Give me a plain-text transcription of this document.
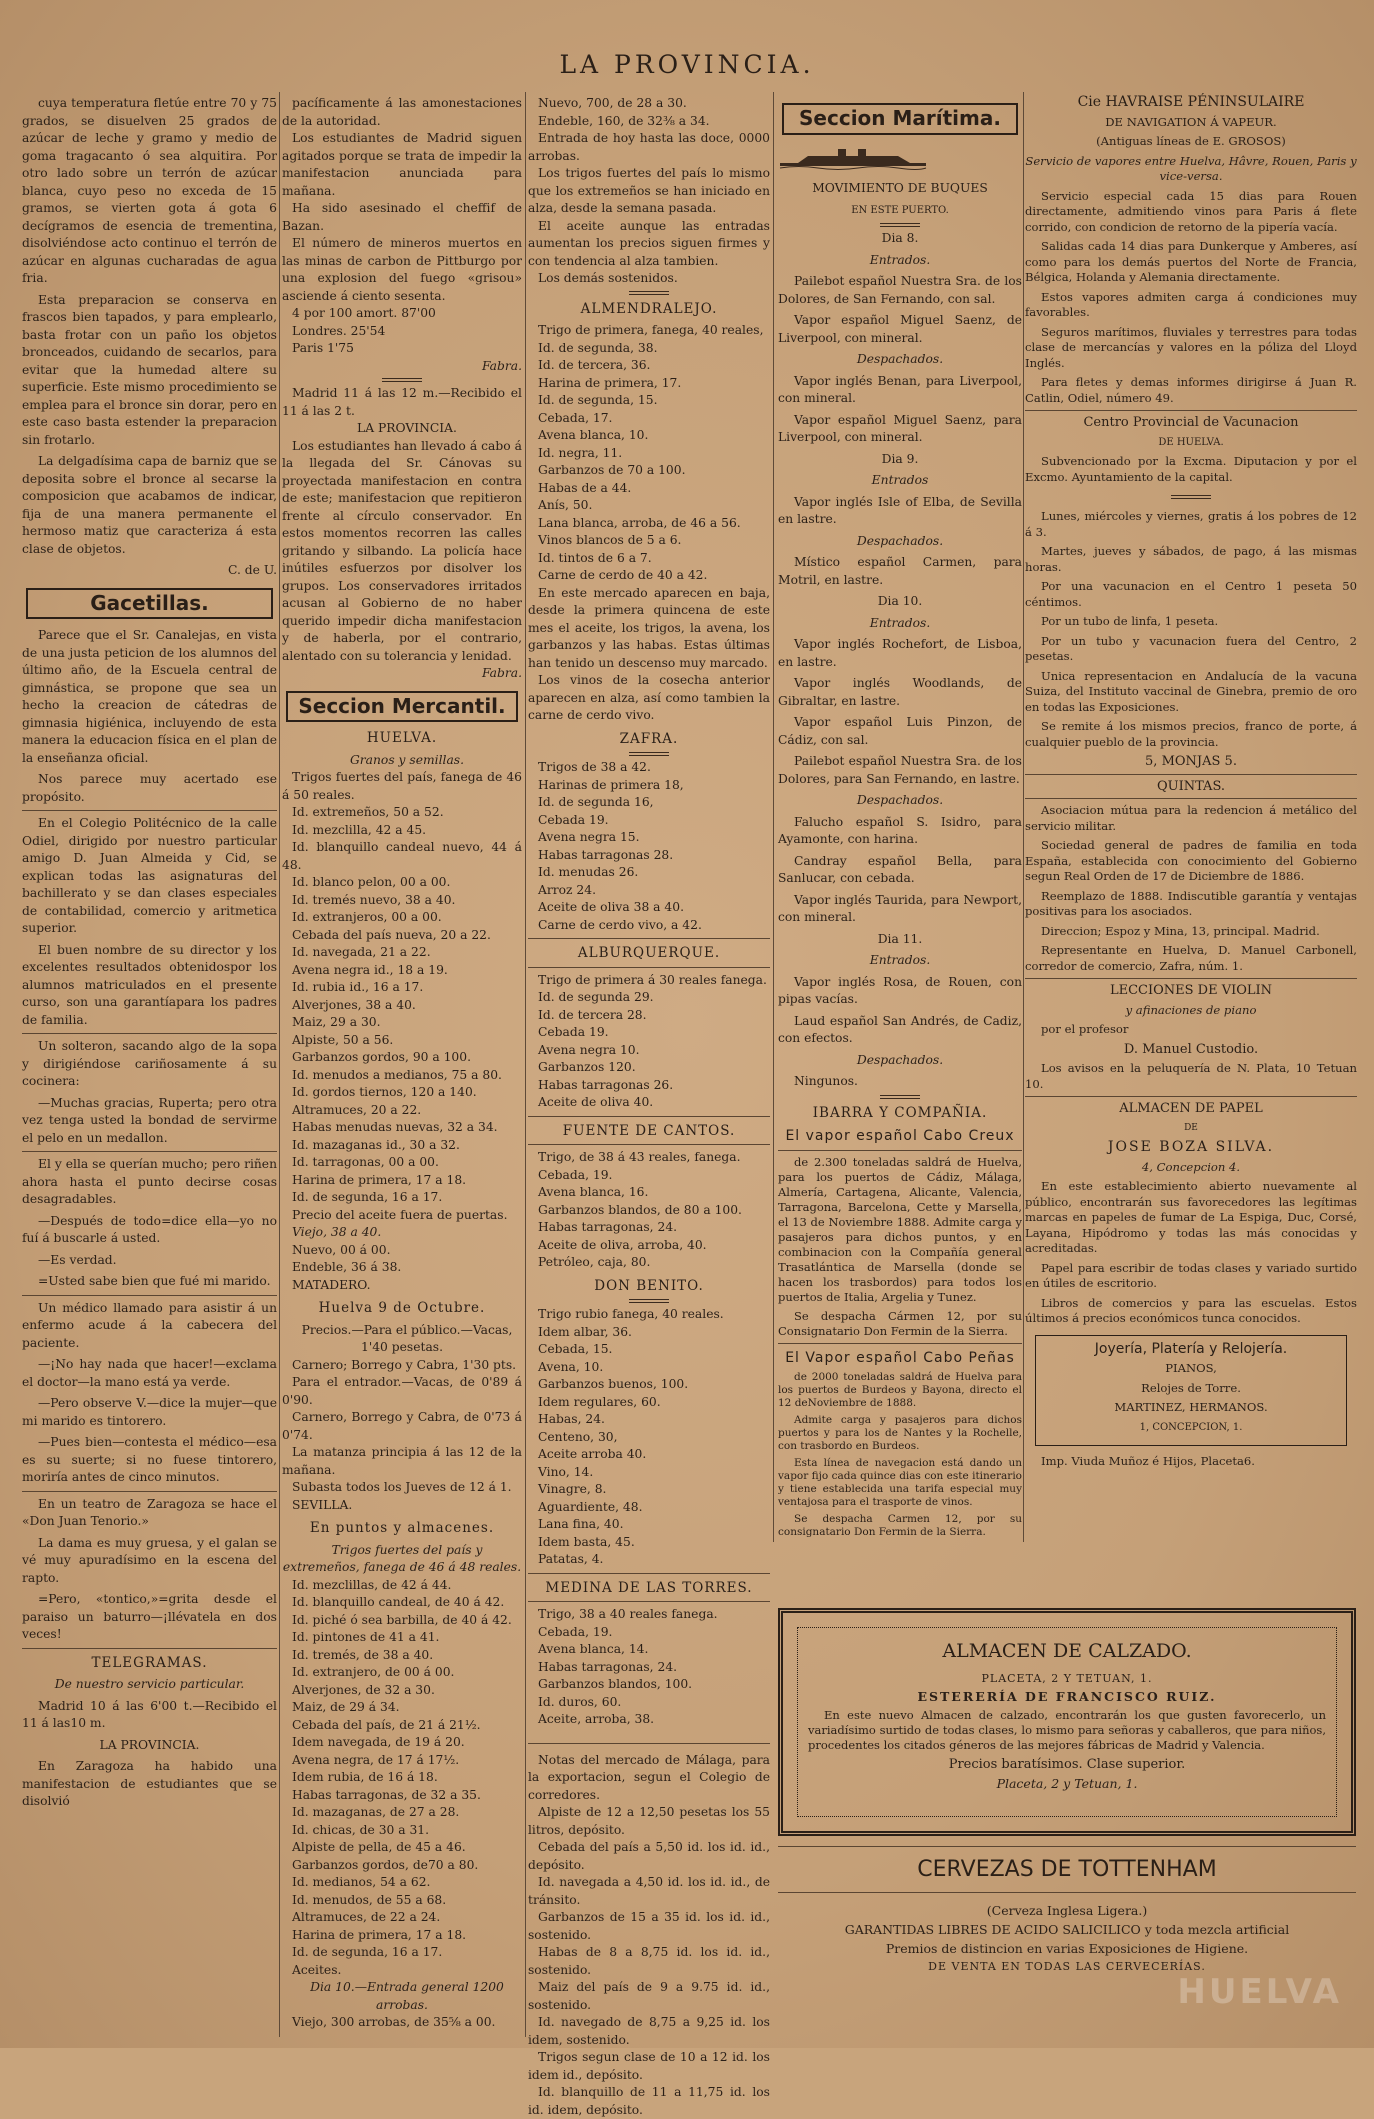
LA PROVINCIA.

cuya temperatura fletúe entre 70 y 75 grados, se disuelven 25 grados de azúcar de leche y gramo y medio de goma tragacanto ó sea alquitira. Por otro lado sobre un terrón de azúcar blanca, cuyo peso no exceda de 15 gramos, se vierten gota á gota 6 decígramos de esencia de trementina, disolviéndose acto continuo el terrón de azúcar en algunas cucharadas de agua fria.

Esta preparacion se conserva en frascos bien tapados, y para emplearlo, basta frotar con un paño los objetos bronceados, cuidando de secarlos, para evitar que la humedad altere su superficie. Este mismo procedimiento se emplea para el bronce sin dorar, pero en este caso basta estender la preparacion sin frotarlo.

La delgadísima capa de barniz que se deposita sobre el bronce al secarse la composicion que acabamos de indicar, fija de una manera permanente el hermoso matiz que caracteriza á esta clase de objetos.

C. de U.

Gacetillas.

Parece que el Sr. Canalejas, en vista de una justa peticion de los alumnos del último año, de la Escuela central de gimnástica, se propone que sea un hecho la creacion de cátedras de gimnasia higiénica, incluyendo de esta manera la educacion física en el plan de la enseñanza oficial.

Nos parece muy acertado ese propósito.

En el Colegio Politécnico de la calle Odiel, dirigido por nuestro particular amigo D. Juan Almeida y Cid, se explican todas las asignaturas del bachillerato y se dan clases especiales de contabilidad, comercio y aritmetica superior.

El buen nombre de su director y los excelentes resultados obtenidospor los alumnos matriculados en el presente curso, son una garantíapara los padres de familia.

Un solteron, sacando algo de la sopa y dirigiéndose cariñosamente á su cocinera:

—Muchas gracias, Ruperta; pero otra vez tenga usted la bondad de servirme el pelo en un medallon.

El y ella se querían mucho; pero riñen ahora hasta el punto decirse cosas desagradables.

—Después de todo=dice ella—yo no fuí á buscarle á usted.

—Es verdad.

=Usted sabe bien que fué mi marido.

Un médico llamado para asistir á un enfermo acude á la cabecera del paciente.

—¡No hay nada que hacer!—exclama el doctor—la mano está ya verde.

—Pero observe V.—dice la mujer—que mi marido es tintorero.

—Pues bien—contesta el médico—esa es su suerte; si no fuese tintorero, moriría antes de cinco minutos.

En un teatro de Zaragoza se hace el «Don Juan Tenorio.»

La dama es muy gruesa, y el galan se vé muy apuradísimo en la escena del rapto.

=Pero, «tontico,»=grita desde el paraiso un baturro—¡llévatela en dos veces!

TELEGRAMAS.

De nuestro servicio particular.

Madrid 10 á las 6'00 t.—Recibido el 11 á las10 m.

LA PROVINCIA.

En Zaragoza ha habido una manifestacion de estudiantes que se disolvió

pacíficamente á las amonestaciones de la autoridad.

Los estudiantes de Madrid siguen agitados porque se trata de impedir la manifestacion anunciada para mañana.

Ha sido asesinado el cheffif de Bazan.

El número de mineros muertos en las minas de carbon de Pittburgo por una explosion del fuego «grisou» asciende á ciento sesenta.

4 por 100 amort. 87'00

Londres. 25'54

Paris 1'75

Fabra.

Madrid 11 á las 12 m.—Recibido el 11 á las 2 t.

LA PROVINCIA.

Los estudiantes han llevado á cabo á la llegada del Sr. Cánovas su proyectada manifestacion en contra de este; manifestacion que repitieron frente al círculo conservador. En estos momentos recorren las calles gritando y silbando. La policía hace inútiles esfuerzos por disolver los grupos. Los conservadores irritados acusan al Gobierno de no haber querido impedir dicha manifestacion y de haberla, por el contrario, alentado con su tolerancia y lenidad.

Fabra.

Seccion Mercantil.
HUELVA.

Granos y semillas.

Trigos fuertes del país, fanega de 46 á 50 reales.

Id. extremeños, 50 a 52.

Id. mezclilla, 42 a 45.

Id. blanquillo candeal nuevo, 44 á 48.

Id. blanco pelon, 00 a 00.

Id. tremés nuevo, 38 a 40.

Id. extranjeros, 00 a 00.

Cebada del país nueva, 20 a 22.

Id. navegada, 21 a 22.

Avena negra id., 18 a 19.

Id. rubia id., 16 a 17.

Alverjones, 38 a 40.

Maiz, 29 a 30.

Alpiste, 50 a 56.

Garbanzos gordos, 90 a 100.

Id. menudos a medianos, 75 a 80.

Id. gordos tiernos, 120 a 140.

Altramuces, 20 a 22.

Habas menudas nuevas, 32 a 34.

Id. mazaganas id., 30 a 32.

Id. tarragonas, 00 a 00.

Harina de primera, 17 a 18.

Id. de segunda, 16 a 17.

Precio del aceite fuera de puertas.

Viejo, 38 a 40.

Nuevo, 00 á 00.

Endeble, 36 á 38.

MATADERO.

Huelva 9 de Octubre.

Precios.—Para el público.—Vacas, 1'40 pesetas.

Carnero; Borrego y Cabra, 1'30 pts.

Para el entrador.—Vacas, de 0'89 á 0'90.

Carnero, Borrego y Cabra, de 0'73 á 0'74.

La matanza principia á las 12 de la mañana.

Subasta todos los Jueves de 12 á 1.

SEVILLA.

En puntos y almacenes.

Trigos fuertes del país y extremeños, fanega de 46 á 48 reales.

Id. mezclillas, de 42 á 44.

Id. blanquillo candeal, de 40 á 42.

Id. piché ó sea barbilla, de 40 á 42.

Id. pintones de 41 a 41.

Id. tremés, de 38 a 40.

Id. extranjero, de 00 á 00.

Alverjones, de 32 a 30.

Maiz, de 29 á 34.

Cebada del país, de 21 á 21½.

Idem navegada, de 19 á 20.

Avena negra, de 17 á 17½.

Idem rubia, de 16 á 18.

Habas tarragonas, de 32 a 35.

Id. mazaganas, de 27 a 28.

Id. chicas, de 30 a 31.

Alpiste de pella, de 45 a 46.

Garbanzos gordos, de70 a 80.

Id. medianos, 54 a 62.

Id. menudos, de 55 a 68.

Altramuces, de 22 a 24.

Harina de primera, 17 a 18.

Id. de segunda, 16 a 17.

Aceites.

Dia 10.—Entrada general 1200 arrobas.

Viejo, 300 arrobas, de 35⅝ a 00.

Nuevo, 700, de 28 a 30.

Endeble, 160, de 32⅜ a 34.

Entrada de hoy hasta las doce, 0000 arrobas.

Los trigos fuertes del país lo mismo que los extremeños se han iniciado en alza, desde la semana pasada.

El aceite aunque las entradas aumentan los precios siguen firmes y con tendencia al alza tambien.

Los demás sostenidos.

ALMENDRALEJO.

Trigo de primera, fanega, 40 reales,

Id. de segunda, 38.

Id. de tercera, 36.

Harina de primera, 17.

Id. de segunda, 15.

Cebada, 17.

Avena blanca, 10.

Id. negra, 11.

Garbanzos de 70 a 100.

Habas de a 44.

Anís, 50.

Lana blanca, arroba, de 46 a 56.

Vinos blancos de 5 a 6.

Id. tintos de 6 a 7.

Carne de cerdo de 40 a 42.

En este mercado aparecen en baja, desde la primera quincena de este mes el aceite, los trigos, la avena, los garbanzos y las habas. Estas últimas han tenido un descenso muy marcado.

Los vinos de la cosecha anterior aparecen en alza, así como tambien la carne de cerdo vivo.

ZAFRA.

Trigos de 38 a 42.

Harinas de primera 18,

Id. de segunda 16,

Cebada 19.

Avena negra 15.

Habas tarragonas 28.

Id. menudas 26.

Arroz 24.

Aceite de oliva 38 a 40.

Carne de cerdo vivo, a 42.

ALBURQUERQUE.

Trigo de primera á 30 reales fanega.

Id. de segunda 29.

Id. de tercera 28.

Cebada 19.

Avena negra 10.

Garbanzos 120.

Habas tarragonas 26.

Aceite de oliva 40.

FUENTE DE CANTOS.

Trigo, de 38 á 43 reales, fanega.

Cebada, 19.

Avena blanca, 16.

Garbanzos blandos, de 80 a 100.

Habas tarragonas, 24.

Aceite de oliva, arroba, 40.

Petróleo, caja, 80.

DON BENITO.

Trigo rubio fanega, 40 reales.

Idem albar, 36.

Cebada, 15.

Avena, 10.

Garbanzos buenos, 100.

Idem regulares, 60.

Habas, 24.

Centeno, 30,

Aceite arroba 40.

Vino, 14.

Vinagre, 8.

Aguardiente, 48.

Lana fina, 40.

Idem basta, 45.

Patatas, 4.

MEDINA DE LAS TORRES.

Trigo, 38 a 40 reales fanega.

Cebada, 19.

Avena blanca, 14.

Habas tarragonas, 24.

Garbanzos blandos, 100.

Id. duros, 60.

Aceite, arroba, 38.

Notas del mercado de Málaga, para la exportacion, segun el Colegio de corredores.

Alpiste de 12 a 12,50 pesetas los 55 litros, depósito.

Cebada del país a 5,50 id. los id. id., depósito.

Id. navegada a 4,50 id. los id. id., de tránsito.

Garbanzos de 15 a 35 id. los id. id., sostenido.

Habas de 8 a 8,75 id. los id. id., sostenido.

Maiz del país de 9 a 9.75 id. id., sostenido.

Id. navegado de 8,75 a 9,25 id. los idem, sostenido.

Trigos segun clase de 10 a 12 id. los idem id., depósito.

Id. blanquillo de 11 a 11,75 id. los id. idem, depósito.

Seccion Marítima.

MOVIMIENTO DE BUQUES

EN ESTE PUERTO.

Dia 8.

Entrados.

Pailebot español Nuestra Sra. de los Dolores, de San Fernando, con sal.

Vapor español Miguel Saenz, de Liverpool, con mineral.

Despachados.

Vapor inglés Benan, para Liverpool, con mineral.

Vapor español Miguel Saenz, para Liverpool, con mineral.

Dia 9.

Entrados

Vapor inglés Isle of Elba, de Sevilla en lastre.

Despachados.

Místico español Carmen, para Motril, en lastre.

Dia 10.

Entrados.

Vapor inglés Rochefort, de Lisboa, en lastre.

Vapor inglés Woodlands, de Gibraltar, en lastre.

Vapor español Luis Pinzon, de Cádiz, con sal.

Pailebot español Nuestra Sra. de los Dolores, para San Fernando, en lastre.

Despachados.

Falucho español S. Isidro, para Ayamonte, con harina.

Candray español Bella, para Sanlucar, con cebada.

Vapor inglés Taurida, para Newport, con mineral.

Dia 11.

Entrados.

Vapor inglés Rosa, de Rouen, con pipas vacías.

Laud español San Andrés, de Cadiz, con efectos.

Despachados.

Ningunos.

IBARRA Y COMPAÑIA.
El vapor español Cabo Creux

de 2.300 toneladas saldrá de Huelva, para los puertos de Cádiz, Málaga, Almería, Cartagena, Alicante, Valencia, Tarragona, Barcelona, Cette y Marsella, el 13 de Noviembre 1888. Admite carga y pasajeros para dichos puntos, y en combinacion con la Compañía general Trasatlántica de Marsella (donde se hacen los trasbordos) para todos los puertos de Italia, Argelia y Tunez.

Se despacha Cármen 12, por su Consignatario Don Fermin de la Sierra.

El Vapor español Cabo Peñas

de 2000 toneladas saldrá de Huelva para los puertos de Burdeos y Bayona, directo el 12 deNoviembre de 1888.

Admite carga y pasajeros para dichos puertos y para los de Nantes y la Rochelle, con trasbordo en Burdeos.

Esta línea de navegacion está dando un vapor fijo cada quince dias con este itinerario y tiene establecida una tarifa especial muy ventajosa para el trasporte de vinos.

Se despacha Carmen 12, por su consignatario Don Fermin de la Sierra.

Cie HAVRAISE PÉNINSULAIRE

DE NAVIGATION Á VAPEUR.

(Antiguas líneas de E. GROSOS)

Servicio de vapores entre Huelva, Hâvre, Rouen, Paris y vice-versa.

Servicio especial cada 15 dias para Rouen directamente, admitiendo vinos para Paris á flete corrido, con condicion de retorno de la pipería vacía.

Salidas cada 14 dias para Dunkerque y Amberes, así como para los demás puertos del Norte de Francia, Bélgica, Holanda y Alemania directamente.

Estos vapores admiten carga á condiciones muy favorables.

Seguros marítimos, fluviales y terrestres para todas clase de mercancías y valores en la póliza del Lloyd Inglés.

Para fletes y demas informes dirigirse á Juan R. Catlin, Odiel, número 49.

Centro Provincial de Vacunacion

DE HUELVA.

Subvencionado por la Excma. Diputacion y por el Excmo. Ayuntamiento de la capital.

Lunes, miércoles y viernes, gratis á los pobres de 12 á 3.

Martes, jueves y sábados, de pago, á las mismas horas.

Por una vacunacion en el Centro 1 peseta 50 céntimos.

Por un tubo de linfa, 1 peseta.

Por un tubo y vacunacion fuera del Centro, 2 pesetas.

Unica representacion en Andalucía de la vacuna Suiza, del Instituto vaccinal de Ginebra, premio de oro en todas las Exposiciones.

Se remite á los mismos precios, franco de porte, á cualquier pueblo de la provincia.

5, MONJAS 5.

QUINTAS.

Asociacion mútua para la redencion á metálico del servicio militar.

Sociedad general de padres de familia en toda España, establecida con conocimiento del Gobierno segun Real Orden de 17 de Diciembre de 1886.

Reemplazo de 1888. Indiscutible garantía y ventajas positivas para los asociados.

Direccion; Espoz y Mina, 13, principal. Madrid.

Representante en Huelva, D. Manuel Carbonell, corredor de comercio, Zafra, núm. 1.

LECCIONES DE VIOLIN

y afinaciones de piano

por el profesor

D. Manuel Custodio.

Los avisos en la peluquería de N. Plata, 10 Tetuan 10.

ALMACEN DE PAPEL

DE

JOSE BOZA SILVA.

4, Concepcion 4.

En este establecimiento abierto nuevamente al público, encontrarán sus favorecedores las legítimas marcas en papeles de fumar de La Espiga, Duc, Corsé, Layana, Hipódromo y todas las más conocidas y acreditadas.

Papel para escribir de todas clases y variado surtido en útiles de escritorio.

Libros de comercios y para las escuelas. Estos últimos á precios económicos tunca conocidos.

Joyería, Platería y Relojería.

PIANOS,

Relojes de Torre.

MARTINEZ, HERMANOS.

1, CONCEPCION, 1.

Imp. Viuda Muñoz é Hijos, Placeta6.

ALMACEN DE CALZADO.

PLACETA, 2 Y TETUAN, 1.

ESTERERÍA DE FRANCISCO RUIZ.

En este nuevo Almacen de calzado, encontrarán los que gusten favorecerlo, un variadísimo surtido de todas clases, lo mismo para señoras y caballeros, que para niños, procedentes los citados géneros de las mejores fábricas de Madrid y Valencia.

Precios baratísimos. Clase superior.

Placeta, 2 y Tetuan, 1.

CERVEZAS DE TOTTENHAM

(Cerveza Inglesa Ligera.)

GARANTIDAS LIBRES DE ACIDO SALICILICO y toda mezcla artificial

Premios de distincion en varias Exposiciones de Higiene.

DE VENTA EN TODAS LAS CERVECERÍAS.

HUELVA
